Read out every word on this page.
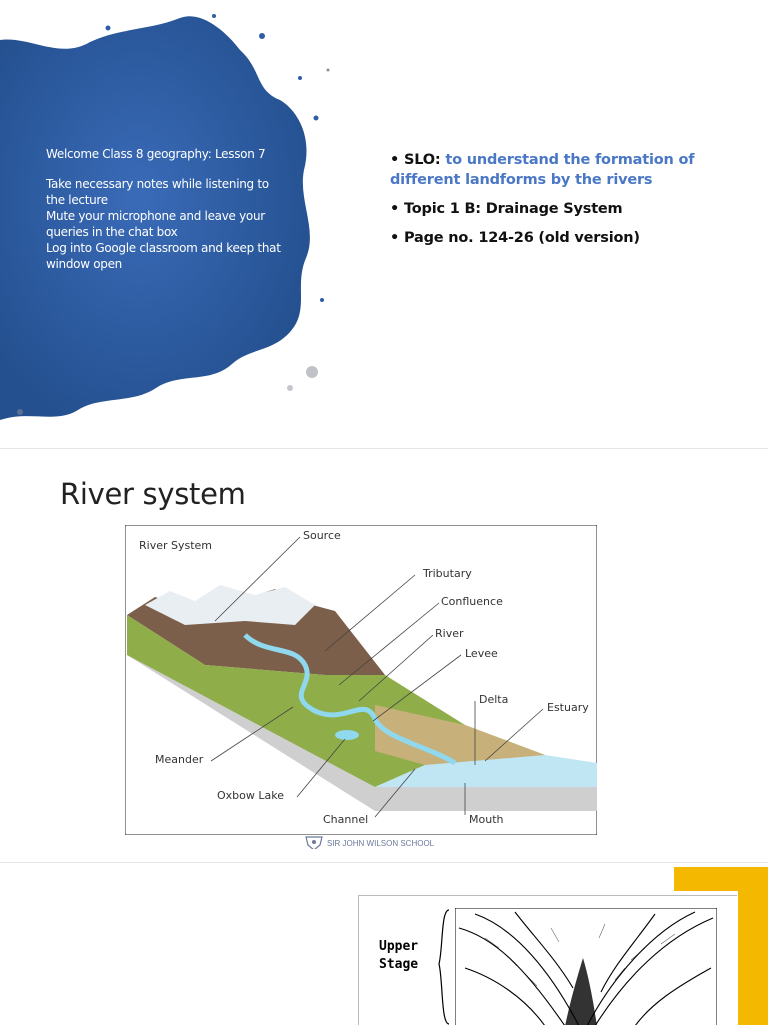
Welcome Class 8 geography: Lesson 7
Take necessary notes while listening to the lecture
Mute your microphone and leave your queries in the chat box
Log into Google classroom and keep that window open
• SLO: to understand the formation of different landforms by the rivers
• Topic 1 B: Drainage System
• Page no. 124-26 (old version)
River system
River System
Source
Tributary
Confluence
River
Levee
Delta
Estuary
Mouth
Meander
Oxbow Lake
Channel
SIR JOHN WILSON SCHOOL
Upper
Stage
